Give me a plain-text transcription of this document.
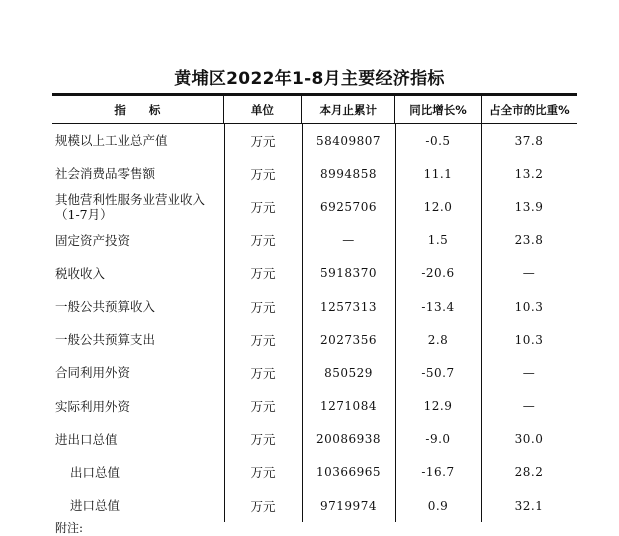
黄埔区2022年1-8月主要经济指标
指　　标	单位	本月止累计	同比增长%	占全市的比重%
规模以上工业总产值	万元	58409807	-0.5	37.8
社会消费品零售额	万元	8994858	11.1	13.2
其他营利性服务业营业收入
（1-7月）	万元	6925706	12.0	13.9
固定资产投资	万元	—	1.5	23.8
税收收入	万元	5918370	-20.6	—
一般公共预算收入	万元	1257313	-13.4	10.3
一般公共预算支出	万元	2027356	2.8	10.3
合同利用外资	万元	850529	-50.7	—
实际利用外资	万元	1271084	12.9	—
进出口总值	万元	20086938	-9.0	30.0
出口总值	万元	10366965	-16.7	28.2
进口总值	万元	9719974	0.9	32.1
附注:
